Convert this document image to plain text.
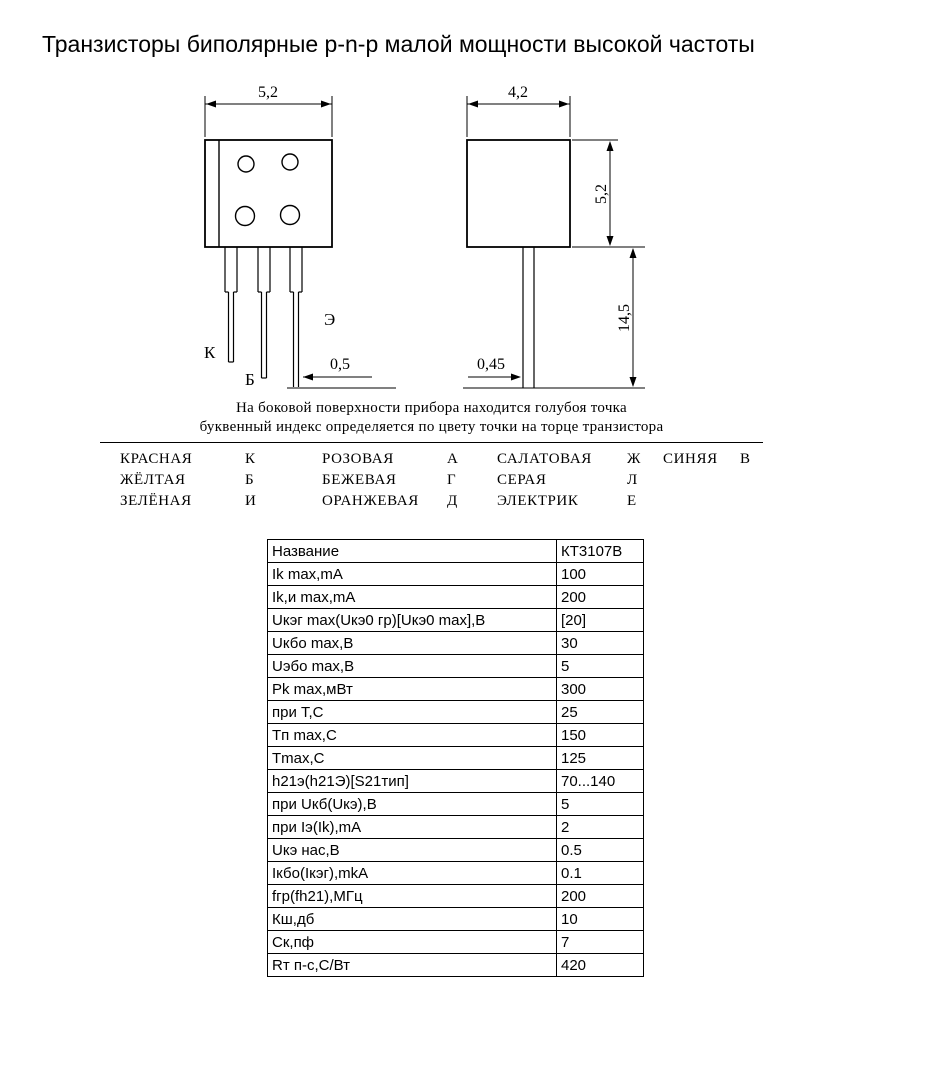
Транзисторы биполярные p-n-p малой мощности высокой частоты
5,2
К
Б
Э
0,5
4,2
5,2
14,5
0,45
На боковой поверхности прибора находится голубоя точка
буквенный индекс определяется по цвету точки на торце транзистора
КРАСНАЯ	К	РОЗОВАЯ	А	САЛАТОВАЯ	Ж	СИНЯЯ	В
ЖЁЛТАЯ	Б	БЕЖЕВАЯ	Г	СЕРАЯ	Л
ЗЕЛЁНАЯ	И	ОРАНЖЕВАЯ	Д	ЭЛЕКТРИК	Е
Название	КТ3107В
Ik max,mA	100
Ik,и max,mA	200
Uкэг max(Uкэ0 гр)[Uкэ0 max],B	[20]
Uкбо max,B	30
Uэбо max,B	5
Pk max,мВт	300
при T,C	25
Tп max,C	150
Tmax,C	125
h21э(h21Э)[S21тип]	70...140
при Uкб(Uкэ),B	5
при Iэ(Ik),mA	2
Uкэ нас,B	0.5
Iкбо(Iкэг),mkA	0.1
fгр(fh21),МГц	200
Кш,дб	10
Ск,пф	7
Rт п-с,C/Вт	420
